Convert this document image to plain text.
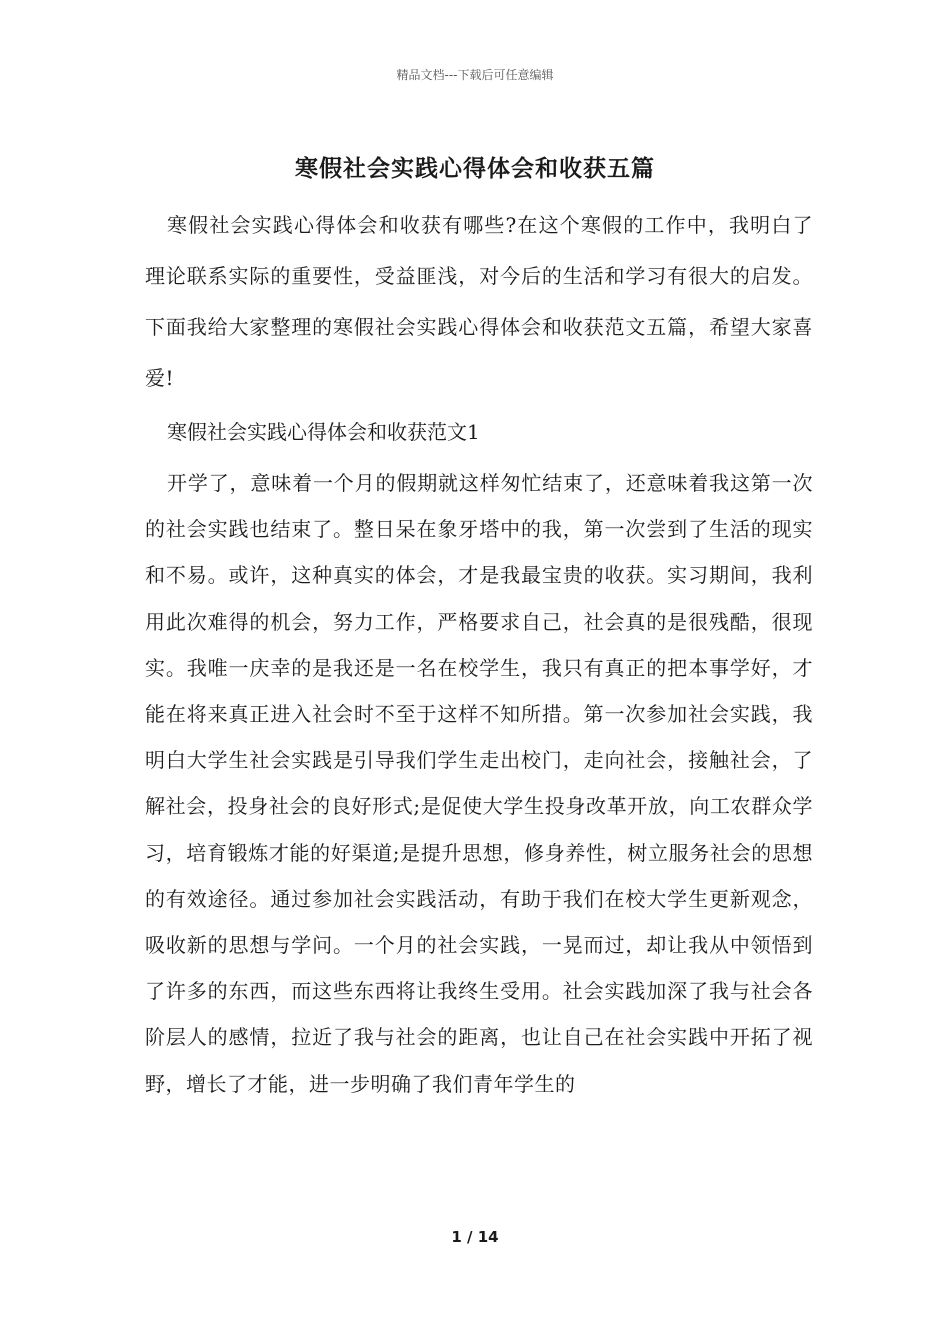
精品文档---下载后可任意编辑
寒假社会实践心得体会和收获五篇

寒假社会实践心得体会和收获有哪些?在这个寒假的工作中，我明白了理论联系实际的重要性，受益匪浅，对今后的生活和学习有很大的启发。下面我给大家整理的寒假社会实践心得体会和收获范文五篇，希望大家喜爱!

寒假社会实践心得体会和收获范文1

开学了，意味着一个月的假期就这样匆忙结束了，还意味着我这第一次的社会实践也结束了。整日呆在象牙塔中的我，第一次尝到了生活的现实和不易。或许，这种真实的体会，才是我最宝贵的收获。实习期间，我利用此次难得的机会，努力工作，严格要求自己，社会真的是很残酷，很现实。我唯一庆幸的是我还是一名在校学生，我只有真正的把本事学好，才能在将来真正进入社会时不至于这样不知所措。第一次参加社会实践，我明白大学生社会实践是引导我们学生走出校门，走向社会，接触社会，了解社会，投身社会的良好形式;是促使大学生投身改革开放，向工农群众学习，培育锻炼才能的好渠道;是提升思想，修身养性，树立服务社会的思想的有效途径。通过参加社会实践活动，有助于我们在校大学生更新观念，吸收新的思想与学问。一个月的社会实践，一晃而过，却让我从中领悟到了许多的东西，而这些东西将让我终生受用。社会实践加深了我与社会各阶层人的感情，拉近了我与社会的距离，也让自己在社会实践中开拓了视野，增长了才能，进一步明确了我们青年学生的

1 / 14
